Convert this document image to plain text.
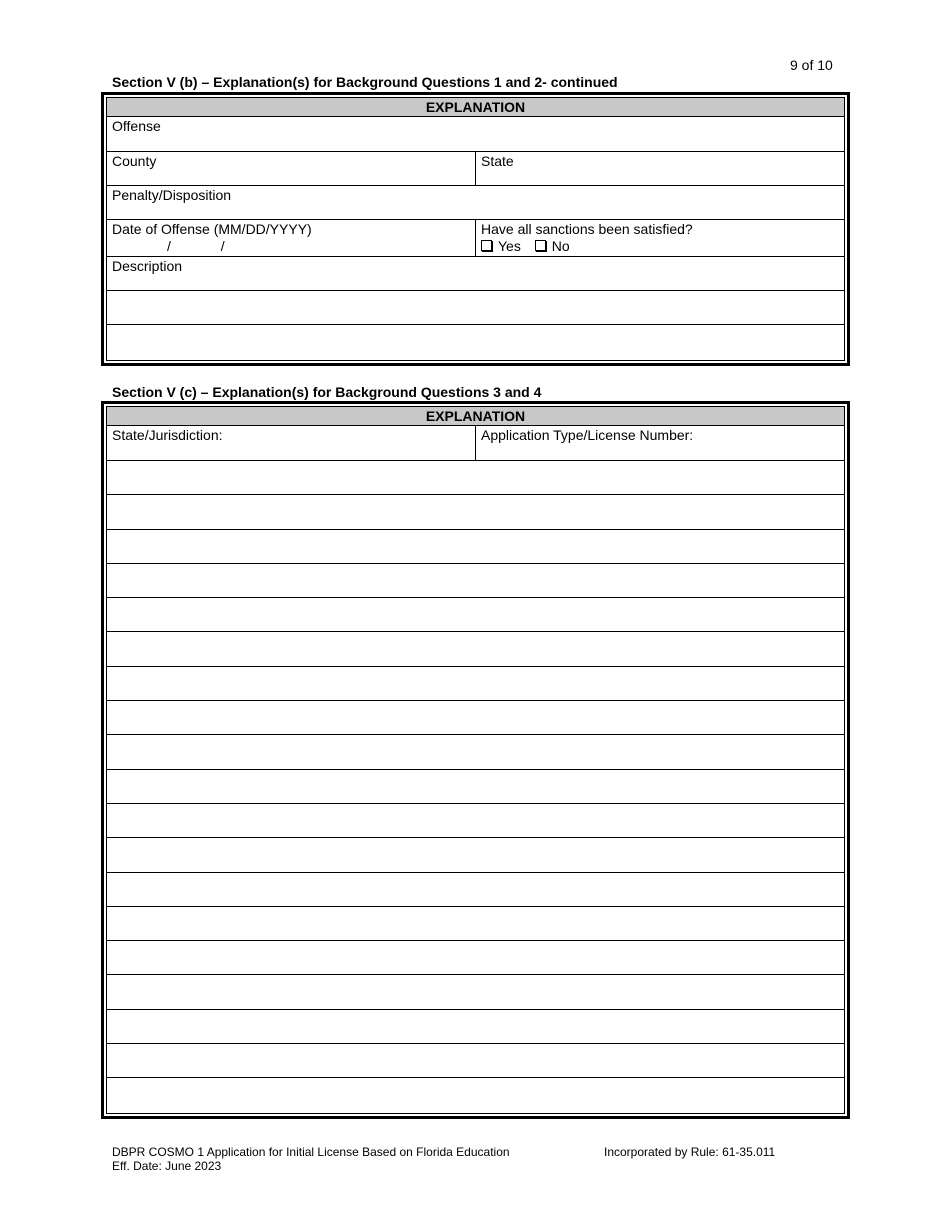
9 of 10
Section V (b) – Explanation(s) for Background Questions 1 and 2- continued
EXPLANATION
Offense
County	State
Penalty/Disposition
Date of Offense (MM/DD/YYYY)
/ /
Have all sanctions been satisfied?
Yes No
Description
Section V (c) – Explanation(s) for Background Questions 3 and 4
EXPLANATION
State/Jurisdiction:	Application Type/License Number:
DBPR COSMO 1 Application for Initial License Based on Florida Education
Eff. Date: June 2023
Incorporated by Rule: 61-35.011
